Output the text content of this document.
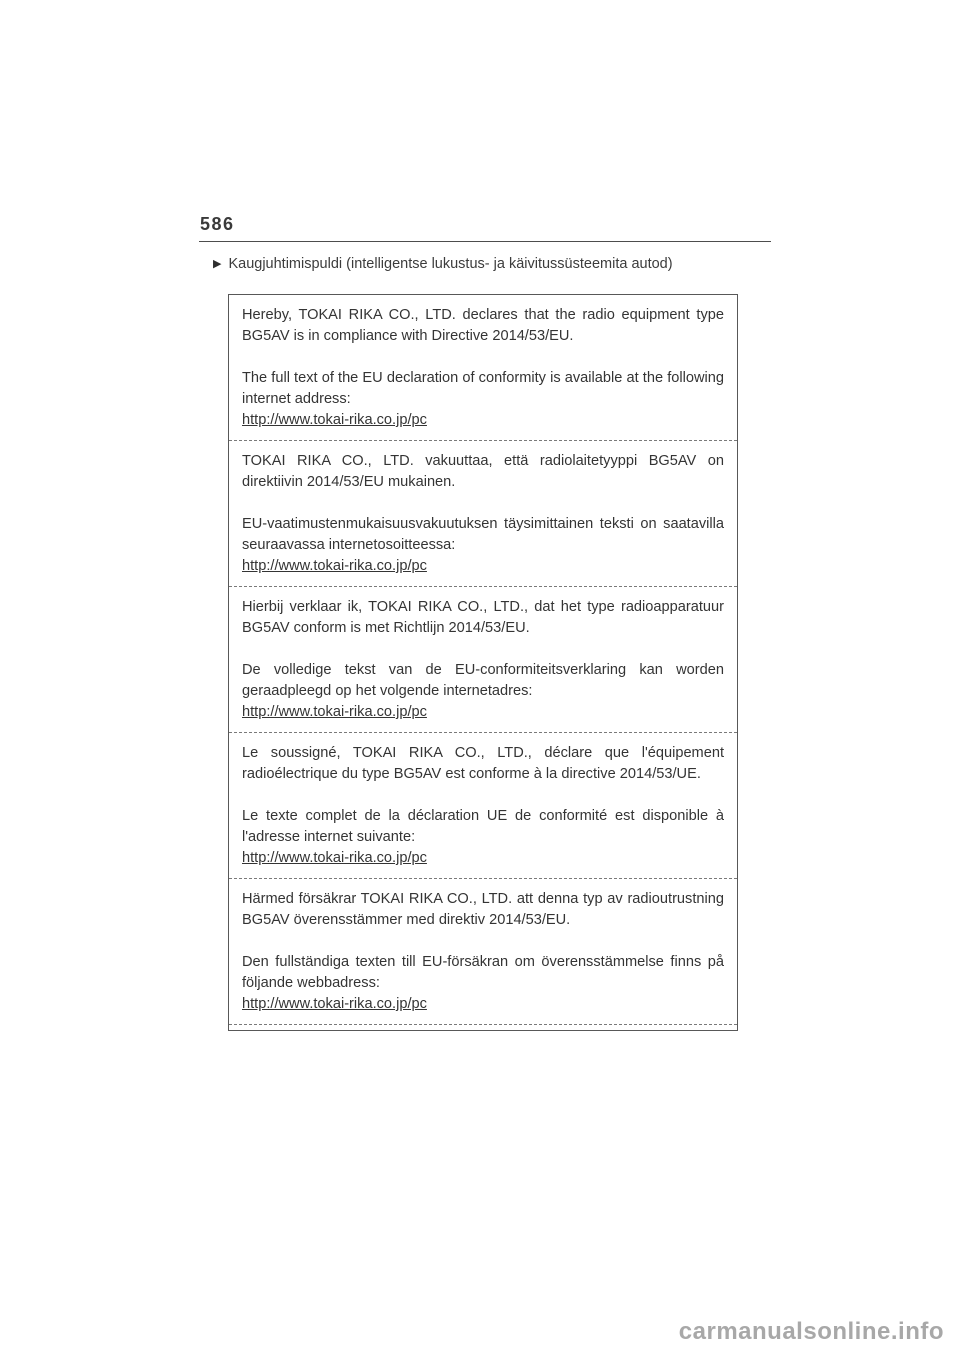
586
▶ Kaugjuhtimispuldi (intelligentse lukustus- ja käivitussüsteemita autod)

Hereby, TOKAI RIKA CO., LTD. declares that the radio equipment type BG5AV is in compliance with Directive 2014/53/EU.

The full text of the EU declaration of conformity is available at the following internet address:

http://www.tokai-rika.co.jp/pc

TOKAI RIKA CO., LTD. vakuuttaa, että radiolaitetyyppi BG5AV on direktiivin 2014/53/EU mukainen.

EU-vaatimustenmukaisuusvakuutuksen täysimittainen teksti on saatavilla seuraavassa internetosoitteessa:

http://www.tokai-rika.co.jp/pc

Hierbij verklaar ik, TOKAI RIKA CO., LTD., dat het type radioapparatuur BG5AV conform is met Richtlijn 2014/53/EU.

De volledige tekst van de EU-conformiteitsverklaring kan worden geraadpleegd op het volgende internetadres:

http://www.tokai-rika.co.jp/pc

Le soussigné, TOKAI RIKA CO., LTD., déclare que l'équipement radioélectrique du type BG5AV est conforme à la directive 2014/53/UE.

Le texte complet de la déclaration UE de conformité est disponible à l'adresse internet suivante:

http://www.tokai-rika.co.jp/pc

Härmed försäkrar TOKAI RIKA CO., LTD. att denna typ av radioutrustning BG5AV överensstämmer med direktiv 2014/53/EU.

Den fullständiga texten till EU-försäkran om överensstämmelse finns på följande webbadress:

http://www.tokai-rika.co.jp/pc
carmanualsonline.info
